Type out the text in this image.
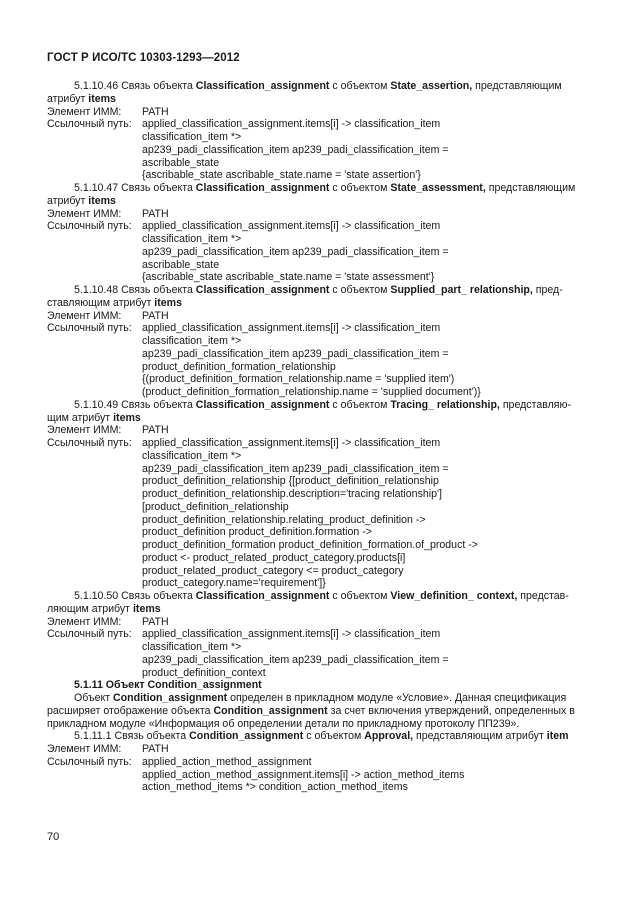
ГОСТ Р ИСО/ТС 10303-1293—2012
5.1.10.46 Связь объекта Classification_assignment с объектом State_assertion, представляющим
атрибут items
Элемент ИММ:	PATH
Ссылочный путь: applied_classification_assignment.items[i] -> classification_item
classification_item *>
ap239_padi_classification_item ap239_padi_classification_item =
ascribable_state
{ascribable_state ascribable_state.name = 'state assertion'}
5.1.10.47 Связь объекта Classification_assignment с объектом State_assessment, представляющим
атрибут items
Элемент ИММ:	PATH
Ссылочный путь: applied_classification_assignment.items[i] -> classification_item
classification_item *>
ap239_padi_classification_item ap239_padi_classification_item =
ascribable_state
{ascribable_state ascribable_state.name = 'state assessment'}
5.1.10.48 Связь объекта Classification_assignment с объектом Supplied_part_ relationship, пред-
ставляющим атрибут items
Элемент ИММ:	PATH
Ссылочный путь: applied_classification_assignment.items[i] -> classification_item
classification_item *>
ap239_padi_classification_item ap239_padi_classification_item =
product_definition_formation_relationship
{(product_definition_formation_relationship.name = 'supplied item')
(product_definition_formation_relationship.name = 'supplied document')}
5.1.10.49 Связь объекта Classification_assignment с объектом Tracing_ relationship, представляю-
щим атрибут items
Элемент ИММ:	PATH
Ссылочный путь: applied_classification_assignment.items[i] -> classification_item
classification_item *>
ap239_padi_classification_item ap239_padi_classification_item =
product_definition_relationship {[product_definition_relationship
product_definition_relationship.description='tracing relationship']
[product_definition_relationship
product_definition_relationship.relating_product_definition ->
product_definition product_definition.formation ->
product_definition_formation product_definition_formation.of_product ->
product <- product_related_product_category.products[i]
product_related_product_category <= product_category
product_category.name='requirement']}
5.1.10.50 Связь объекта Classification_assignment с объектом View_definition_ context, представ-
ляющим атрибут items
Элемент ИММ:	PATH
Ссылочный путь: applied_classification_assignment.items[i] -> classification_item
classification_item *>
ap239_padi_classification_item ap239_padi_classification_item =
product_definition_context
5.1.11 Объект Condition_assignment
Объект Condition_assignment определен в прикладном модуле «Условие». Данная спецификация
расширяет отображение объекта Condition_assignment за счет включения утверждений, определенных в
прикладном модуле «Информация об определении детали по прикладному протоколу ПП239».
5.1.11.1 Связь объекта Condition_assignment с объектом Approval, представляющим атрибут item
Элемент ИММ:	PATH
Ссылочный путь: applied_action_method_assignment
applied_action_method_assignment.items[i] -> action_method_items
action_method_items *> condition_action_method_items
70
